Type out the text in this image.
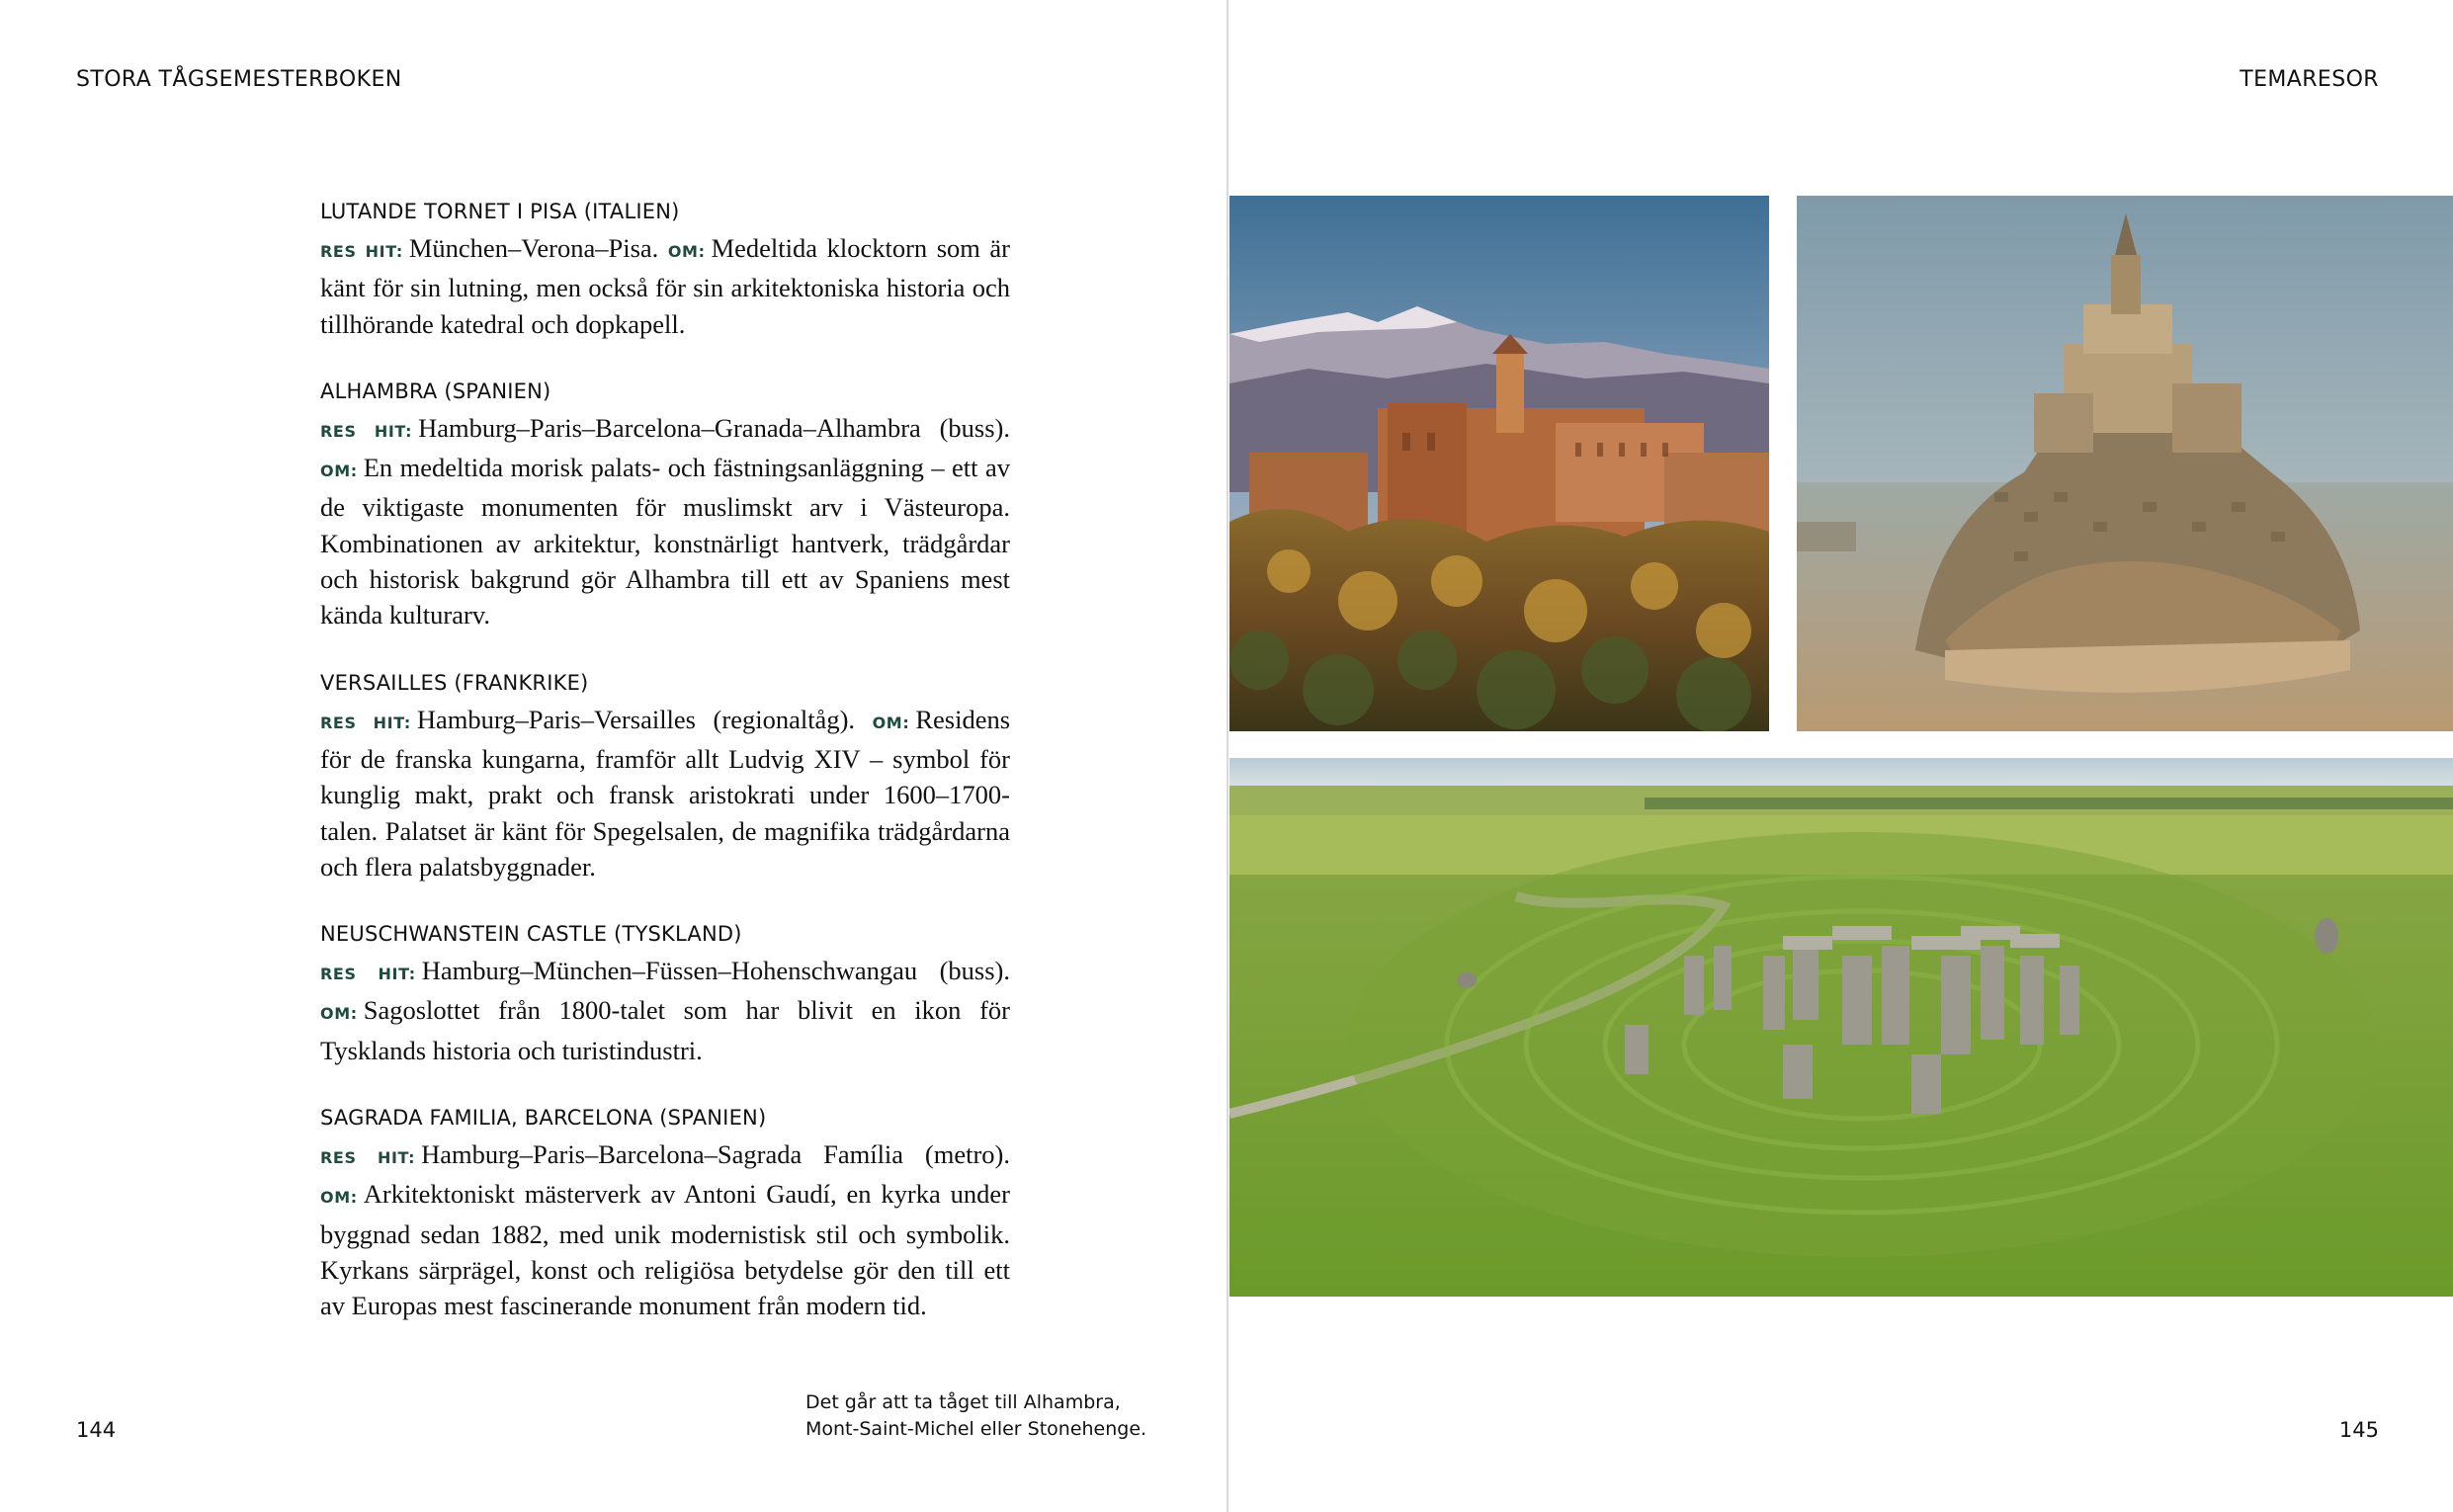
STORA TÅGSEMESTERBOKEN
LUTANDE TORNET I PISA (ITALIEN)

RES HIT: München–Verona–Pisa. OM: Medeltida klocktorn som är känt för sin lutning, men också för sin arkitektoniska historia och tillhörande katedral och dopkapell.

ALHAMBRA (SPANIEN)

RES HIT: Hamburg–Paris–Barcelona–Granada–Alhambra (buss). OM: En medeltida morisk palats- och fästningsanläggning – ett av de viktigaste monumenten för muslimskt arv i Västeuropa. Kombinationen av arkitektur, konstnärligt hantverk, trädgårdar och historisk bakgrund gör Alhambra till ett av Spaniens mest kända kulturarv.

VERSAILLES (FRANKRIKE)

RES HIT: Hamburg–Paris–Versailles (regionaltåg). OM: Residens för de franska kungarna, framför allt Ludvig XIV – symbol för kunglig makt, prakt och fransk aristokrati under 1600–1700-talen. Palatset är känt för Spegelsalen, de magnifika trädgårdarna och flera palatsbyggnader.

NEUSCHWANSTEIN CASTLE (TYSKLAND)

RES HIT: Hamburg–München–Füssen–Hohenschwangau (buss). OM: Sagoslottet från 1800-talet som har blivit en ikon för Tysklands historia och turistindustri.

SAGRADA FAMILIA, BARCELONA (SPANIEN)

RES HIT: Hamburg–Paris–Barcelona–Sagrada Família (metro). OM: Arkitektoniskt mästerverk av Antoni Gaudí, en kyrka under byggnad sedan 1882, med unik modernistisk stil och symbolik. Kyrkans särprägel, konst och religiösa betydelse gör den till ett av Europas mest fascinerande monument från modern tid.

144
Det går att ta tåget till Alhambra,
Mont-Saint-Michel eller Stonehenge.
TEMARESOR
145
